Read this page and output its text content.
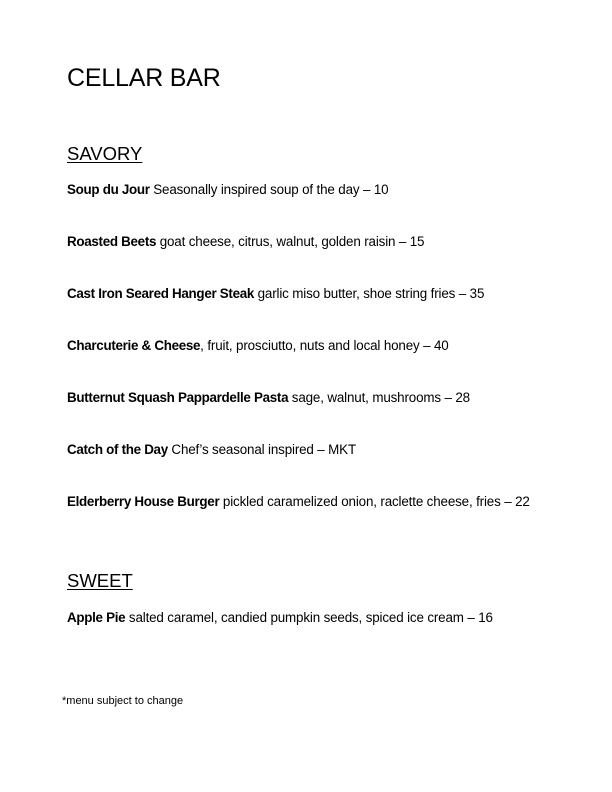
CELLAR BAR
SAVORY
Soup du Jour Seasonally inspired soup of the day – 10
Roasted Beets goat cheese, citrus, walnut, golden raisin – 15
Cast Iron Seared Hanger Steak garlic miso butter, shoe string fries – 35
Charcuterie & Cheese, fruit, prosciutto, nuts and local honey – 40
Butternut Squash Pappardelle Pasta sage, walnut, mushrooms – 28
Catch of the Day Chef’s seasonal inspired – MKT
Elderberry House Burger pickled caramelized onion, raclette cheese, fries – 22
SWEET
Apple Pie salted caramel, candied pumpkin seeds, spiced ice cream – 16

*menu subject to change
